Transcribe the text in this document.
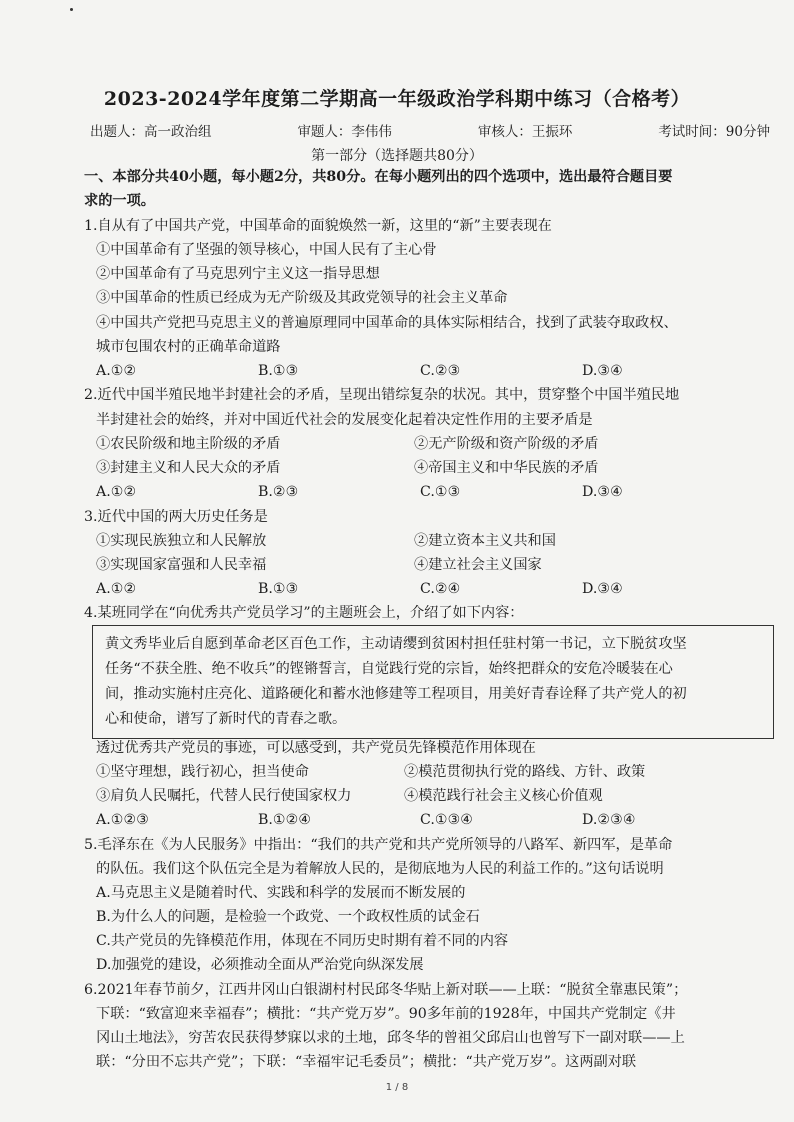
2023-2024学年度第二学期高一年级政治学科期中练习（合格考）
出题人：高一政治组	审题人：李伟伟	审核人：王振环	考试时间：90分钟
第一部分（选择题共80分）
一、本部分共40小题，每小题2分，共80分。在每小题列出的四个选项中，选出最符合题目要
求的一项。
1.自从有了中国共产党，中国革命的面貌焕然一新，这里的“新”主要表现在
①中国革命有了坚强的领导核心，中国人民有了主心骨
②中国革命有了马克思列宁主义这一指导思想
③中国革命的性质已经成为无产阶级及其政党领导的社会主义革命
④中国共产党把马克思主义的普遍原理同中国革命的具体实际相结合，找到了武装夺取政权、
城市包围农村的正确革命道路
A.①②	B.①③	C.②③	D.③④
2.近代中国半殖民地半封建社会的矛盾，呈现出错综复杂的状况。其中，贯穿整个中国半殖民地
半封建社会的始终，并对中国近代社会的发展变化起着决定性作用的主要矛盾是
①农民阶级和地主阶级的矛盾	②无产阶级和资产阶级的矛盾
③封建主义和人民大众的矛盾	④帝国主义和中华民族的矛盾
A.①②	B.②③	C.①③	D.③④
3.近代中国的两大历史任务是
①实现民族独立和人民解放	②建立资本主义共和国
③实现国家富强和人民幸福	④建立社会主义国家
A.①②	B.①③	C.②④	D.③④
4.某班同学在“向优秀共产党员学习”的主题班会上，介绍了如下内容：
黄文秀毕业后自愿到革命老区百色工作，主动请缨到贫困村担任驻村第一书记，立下脱贫攻坚
任务“不获全胜、绝不收兵”的铿锵誓言，自觉践行党的宗旨，始终把群众的安危冷暖装在心
间，推动实施村庄亮化、道路硬化和蓄水池修建等工程项目，用美好青春诠释了共产党人的初
心和使命，谱写了新时代的青春之歌。
透过优秀共产党员的事迹，可以感受到，共产党员先锋模范作用体现在
①坚守理想，践行初心，担当使命	②模范贯彻执行党的路线、方针、政策
③肩负人民嘱托，代替人民行使国家权力	④模范践行社会主义核心价值观
A.①②③	B.①②④	C.①③④	D.②③④
5.毛泽东在《为人民服务》中指出：“我们的共产党和共产党所领导的八路军、新四军，是革命
的队伍。我们这个队伍完全是为着解放人民的，是彻底地为人民的利益工作的。”这句话说明
A.马克思主义是随着时代、实践和科学的发展而不断发展的
B.为什么人的问题，是检验一个政党、一个政权性质的试金石
C.共产党员的先锋模范作用，体现在不同历史时期有着不同的内容
D.加强党的建设，必须推动全面从严治党向纵深发展
6.2021年春节前夕，江西井冈山白银湖村村民邱冬华贴上新对联——上联：“脱贫全靠惠民策”；
下联：“致富迎来幸福春”；横批：“共产党万岁”。90多年前的1928年，中国共产党制定《井
冈山土地法》，穷苦农民获得梦寐以求的土地，邱冬华的曾祖父邱启山也曾写下一副对联——上
联：“分田不忘共产党”；下联：“幸福牢记毛委员”；横批：“共产党万岁”。这两副对联
1 / 8
